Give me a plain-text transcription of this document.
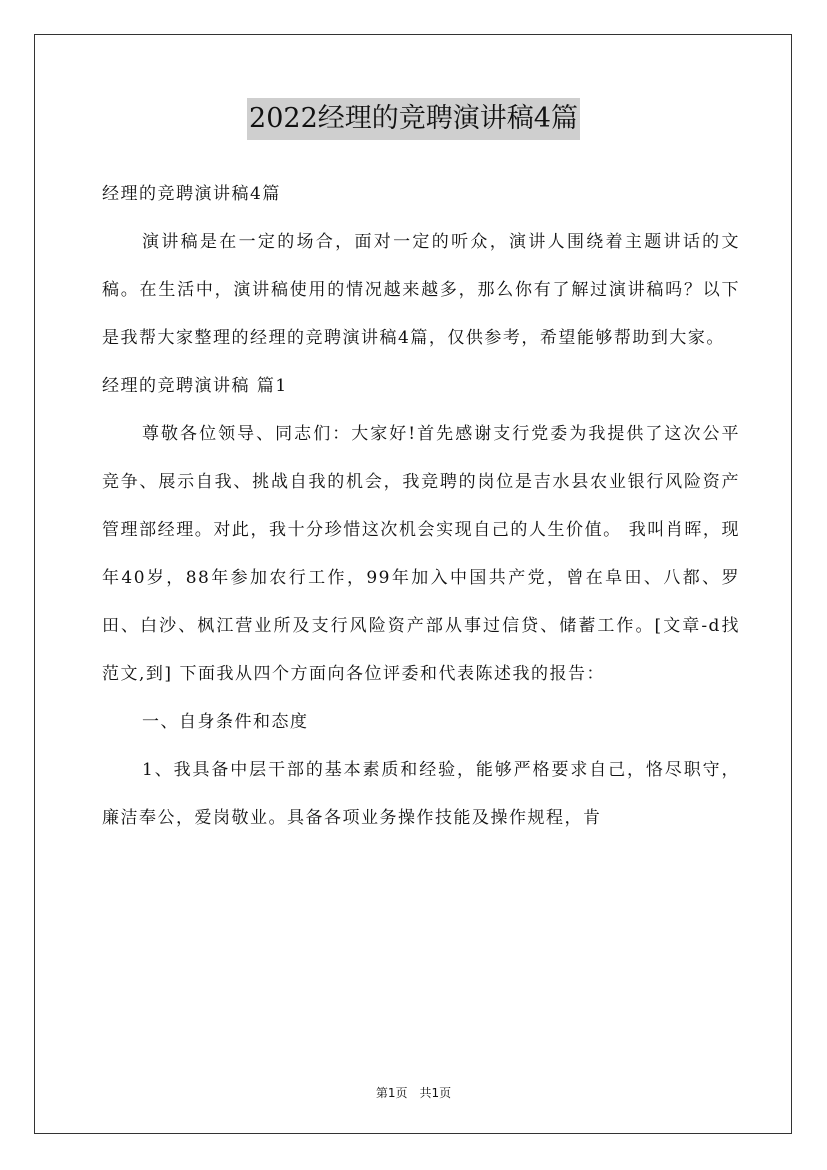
2022经理的竞聘演讲稿4篇

经理的竞聘演讲稿4篇

演讲稿是在一定的场合，面对一定的听众，演讲人围绕着主题讲话的文稿。在生活中，演讲稿使用的情况越来越多，那么你有了解过演讲稿吗？以下是我帮大家整理的经理的竞聘演讲稿4篇，仅供参考，希望能够帮助到大家。

经理的竞聘演讲稿 篇1

尊敬各位领导、同志们：大家好!首先感谢支行党委为我提供了这次公平竞争、展示自我、挑战自我的机会，我竞聘的岗位是吉水县农业银行风险资产管理部经理。对此，我十分珍惜这次机会实现自己的人生价值。 我叫肖晖，现年40岁，88年参加农行工作，99年加入中国共产党，曾在阜田、八都、罗田、白沙、枫江营业所及支行风险资产部从事过信贷、储蓄工作。[文章-d找范文,到] 下面我从四个方面向各位评委和代表陈述我的报告：

一、自身条件和态度

1、我具备中层干部的基本素质和经验，能够严格要求自己，恪尽职守，廉洁奉公，爱岗敬业。具备各项业务操作技能及操作规程，肯

第1页　共1页
